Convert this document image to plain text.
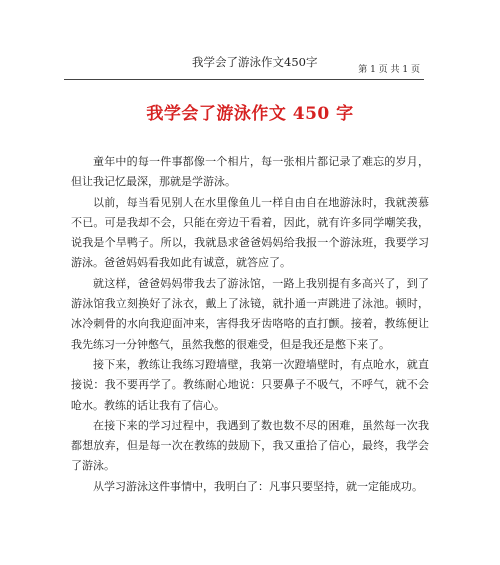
我学会了游泳作文450字
第 1 页 共 1 页
我学会了游泳作文 450 字

童年中的每一件事都像一个相片，每一张相片都记录了难忘的岁月，但让我记忆最深，那就是学游泳。

以前，每当看见别人在水里像鱼儿一样自由自在地游泳时，我就羡慕不已。可是我却不会，只能在旁边干看着，因此，就有许多同学嘲笑我，说我是个旱鸭子。所以，我就恳求爸爸妈妈给我报一个游泳班，我要学习游泳。爸爸妈妈看我如此有诚意，就答应了。

就这样，爸爸妈妈带我去了游泳馆，一路上我别提有多高兴了，到了游泳馆我立刻换好了泳衣，戴上了泳镜，就扑通一声跳进了泳池。顿时，冰冷刺骨的水向我迎面冲来，害得我牙齿咯咯的直打颤。接着，教练便让我先练习一分钟憋气，虽然我憋的很难受，但是我还是憋下来了。

接下来，教练让我练习蹬墙壁，我第一次蹬墙壁时，有点呛水，就直接说：我不要再学了。教练耐心地说：只要鼻子不吸气，不呼气，就不会呛水。教练的话让我有了信心。

在接下来的学习过程中，我遇到了数也数不尽的困难，虽然每一次我都想放弃，但是每一次在教练的鼓励下，我又重拾了信心，最终，我学会了游泳。

从学习游泳这件事情中，我明白了：凡事只要坚持，就一定能成功。
